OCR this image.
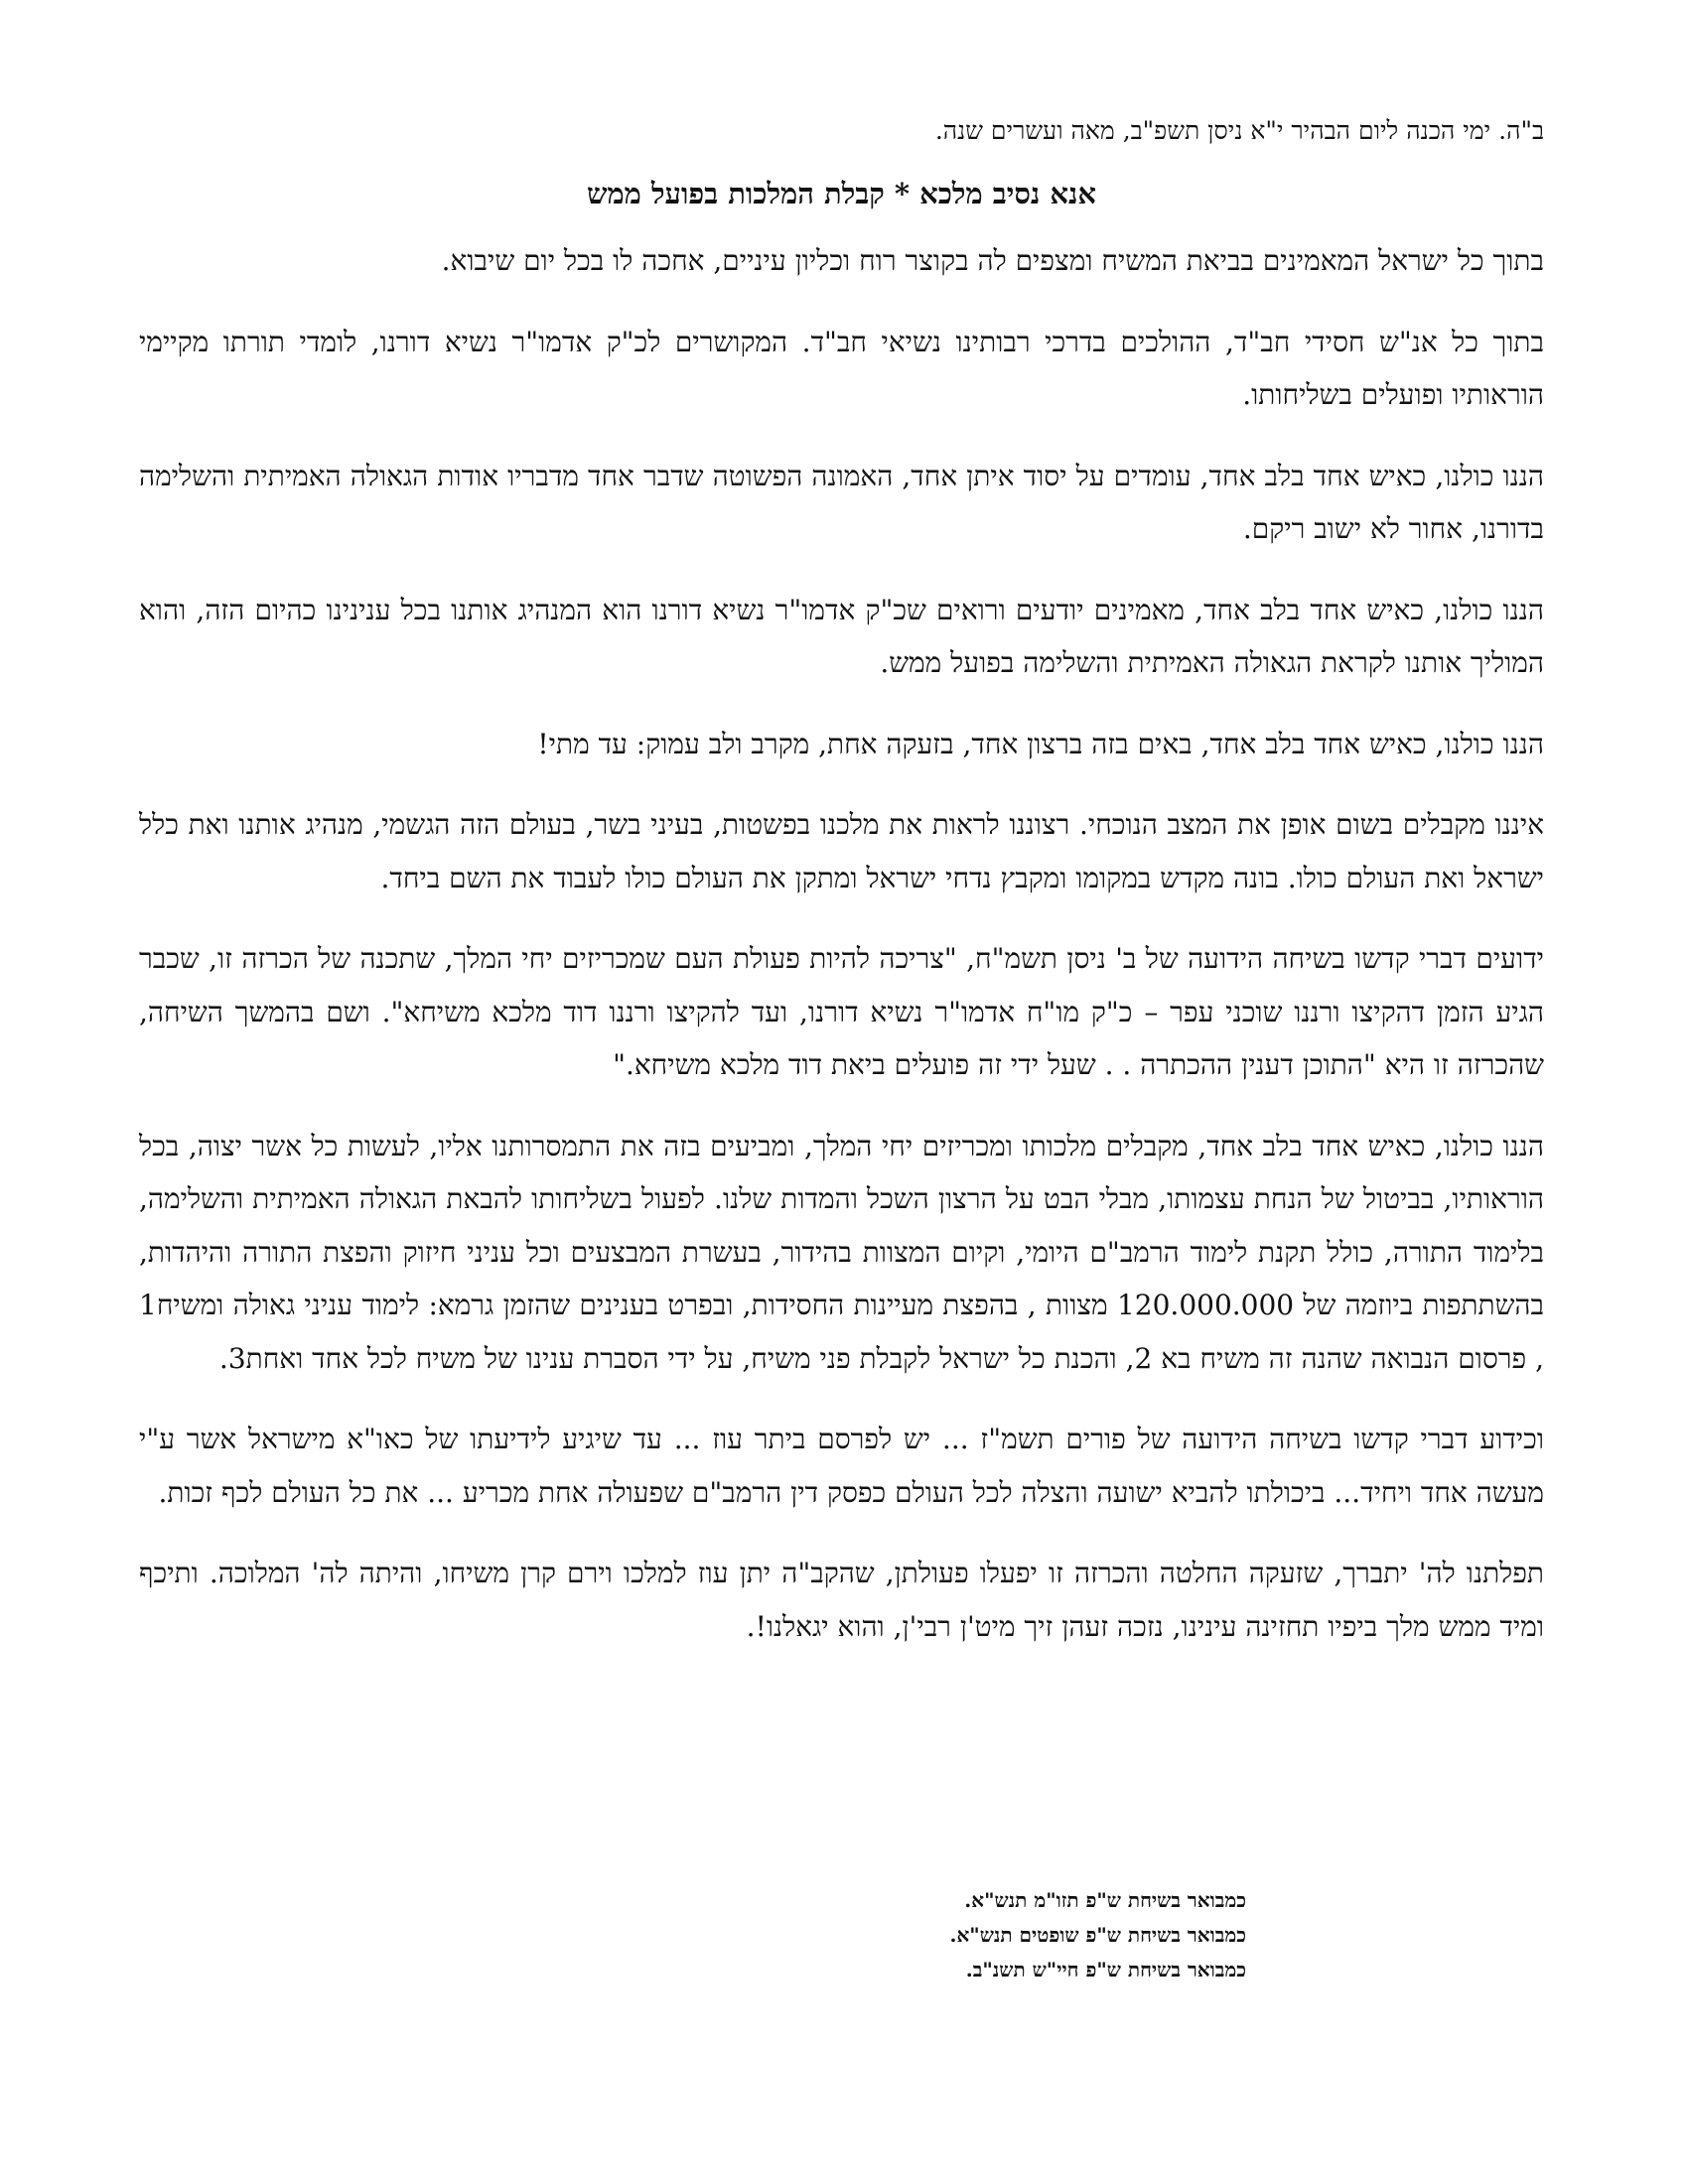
ב"ה. ימי הכנה ליום הבהיר י"א ניסן תשפ"ב, מאה ועשרים שנה.
אנא נסיב מלכא * קבלת המלכות בפועל ממש

בתוך כל ישראל המאמינים בביאת המשיח ומצפים לה בקוצר רוח וכליון עיניים, אחכה לו בכל יום שיבוא.

בתוך כל אנ"ש חסידי חב"ד, ההולכים בדרכי רבותינו נשיאי חב"ד. המקושרים לכ"ק אדמו"ר נשיא דורנו, לומדי תורתו מקיימי הוראותיו ופועלים בשליחותו.

הננו כולנו, כאיש אחד בלב אחד, עומדים על יסוד איתן אחד, האמונה הפשוטה שדבר אחד מדבריו אודות הגאולה האמיתית והשלימה בדורנו, אחור לא ישוב ריקם.

הננו כולנו, כאיש אחד בלב אחד, מאמינים יודעים ורואים שכ"ק אדמו"ר נשיא דורנו הוא המנהיג אותנו בכל ענינינו כהיום הזה, והוא המוליך אותנו לקראת הגאולה האמיתית והשלימה בפועל ממש.

הננו כולנו, כאיש אחד בלב אחד, באים בזה ברצון אחד, בזעקה אחת, מקרב ולב עמוק: עד מתי!

איננו מקבלים בשום אופן את המצב הנוכחי. רצוננו לראות את מלכנו בפשטות, בעיני בשר, בעולם הזה הגשמי, מנהיג אותנו ואת כלל ישראל ואת העולם כולו. בונה מקדש במקומו ומקבץ נדחי ישראל ומתקן את העולם כולו לעבוד את השם ביחד.

ידועים דברי קדשו בשיחה הידועה של ב' ניסן תשמ"ח, "צריכה להיות פעולת העם שמכריזים יחי המלך, שתכנה של הכרזה זו, שכבר הגיע הזמן דהקיצו ורננו שוכני עפר – כ"ק מו"ח אדמו"ר נשיא דורנו, ועד להקיצו ורננו דוד מלכא משיחא". ושם בהמשך השיחה, שהכרזה זו היא "התוכן דענין ההכתרה . . שעל ידי זה פועלים ביאת דוד מלכא משיחא."

הננו כולנו, כאיש אחד בלב אחד, מקבלים מלכותו ומכריזים יחי המלך, ומביעים בזה את התמסרותנו אליו, לעשות כל אשר יצוה, בכל הוראותיו, בביטול של הנחת עצמותו, מבלי הבט על הרצון השכל והמדות שלנו. לפעול בשליחותו להבאת הגאולה האמיתית והשלימה, בלימוד התורה, כולל תקנת לימוד הרמב"ם היומי, וקיום המצוות בהידור, בעשרת המבצעים וכל עניני חיזוק והפצת התורה והיהדות, בהשתתפות ביוזמה של 120.000.000 מצוות , בהפצת מעיינות החסידות, ובפרט בענינים שהזמן גרמא: לימוד עניני גאולה ומשיח1 , פרסום הנבואה שהנה זה משיח בא 2, והכנת כל ישראל לקבלת פני משיח, על ידי הסברת ענינו של משיח לכל אחד ואחת3.

וכידוע דברי קדשו בשיחה הידועה של פורים תשמ"ז ... יש לפרסם ביתר עוז ... עד שיגיע לידיעתו של כאו"א מישראל אשר ע"י מעשה אחד ויחיד... ביכולתו להביא ישועה והצלה לכל העולם כפסק דין הרמב"ם שפעולה אחת מכריע ... את כל העולם לכף זכות.

תפלתנו לה' יתברך, שזעקה החלטה והכרזה זו יפעלו פעולתן, שהקב"ה יתן עוז למלכו וירם קרן משיחו, והיתה לה' המלוכה. ותיכף ומיד ממש מלך ביפיו תחזינה עינינו, נזכה זעהן זיך מיט'ן רבי'ן, והוא יגאלנו!.

כמבואר בשיחת ש"פ תזו"מ תנש"א.
כמבואר בשיחת ש"פ שופטים תנש"א.
כמבואר בשיחת ש"פ חיי"ש תשנ"ב.
